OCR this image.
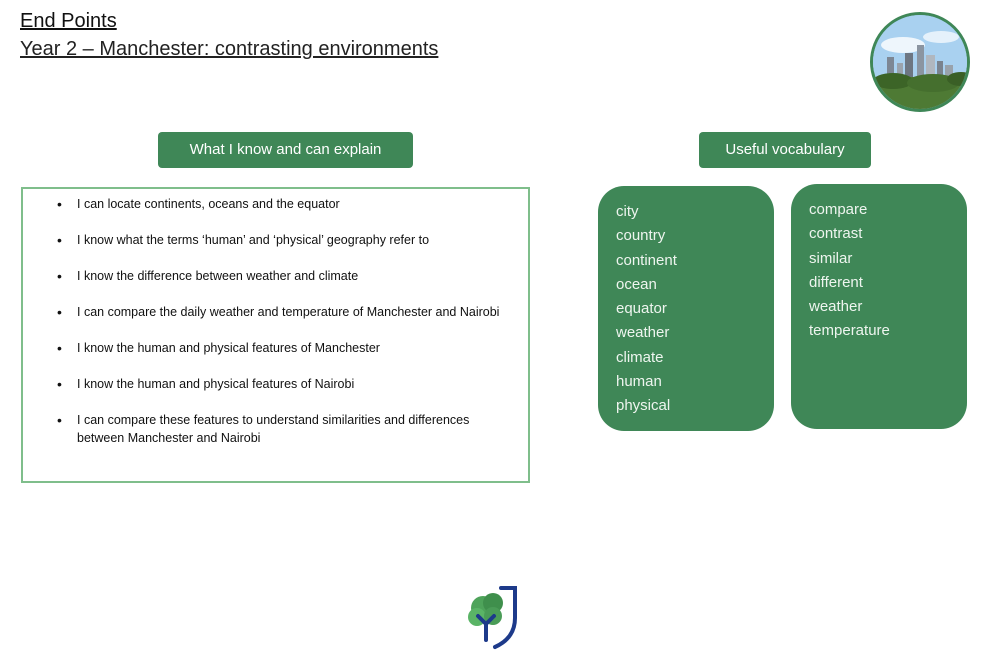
End Points
Year 2 – Manchester: contrasting environments
What I know and can explain	Useful vocabulary
• I can locate continents, oceans and the equator
• I know what the terms ‘human’ and ‘physical’ geography refer to
• I know the difference between weather and climate
• I can compare the daily weather and temperature of Manchester and Nairobi
• I know the human and physical features of Manchester
• I know the human and physical features of Nairobi
• I can compare these features to understand similarities and differences between Manchester and Nairobi
city
country
continent
ocean
equator
weather
climate
human
physical
compare
contrast
similar
different
weather
temperature
